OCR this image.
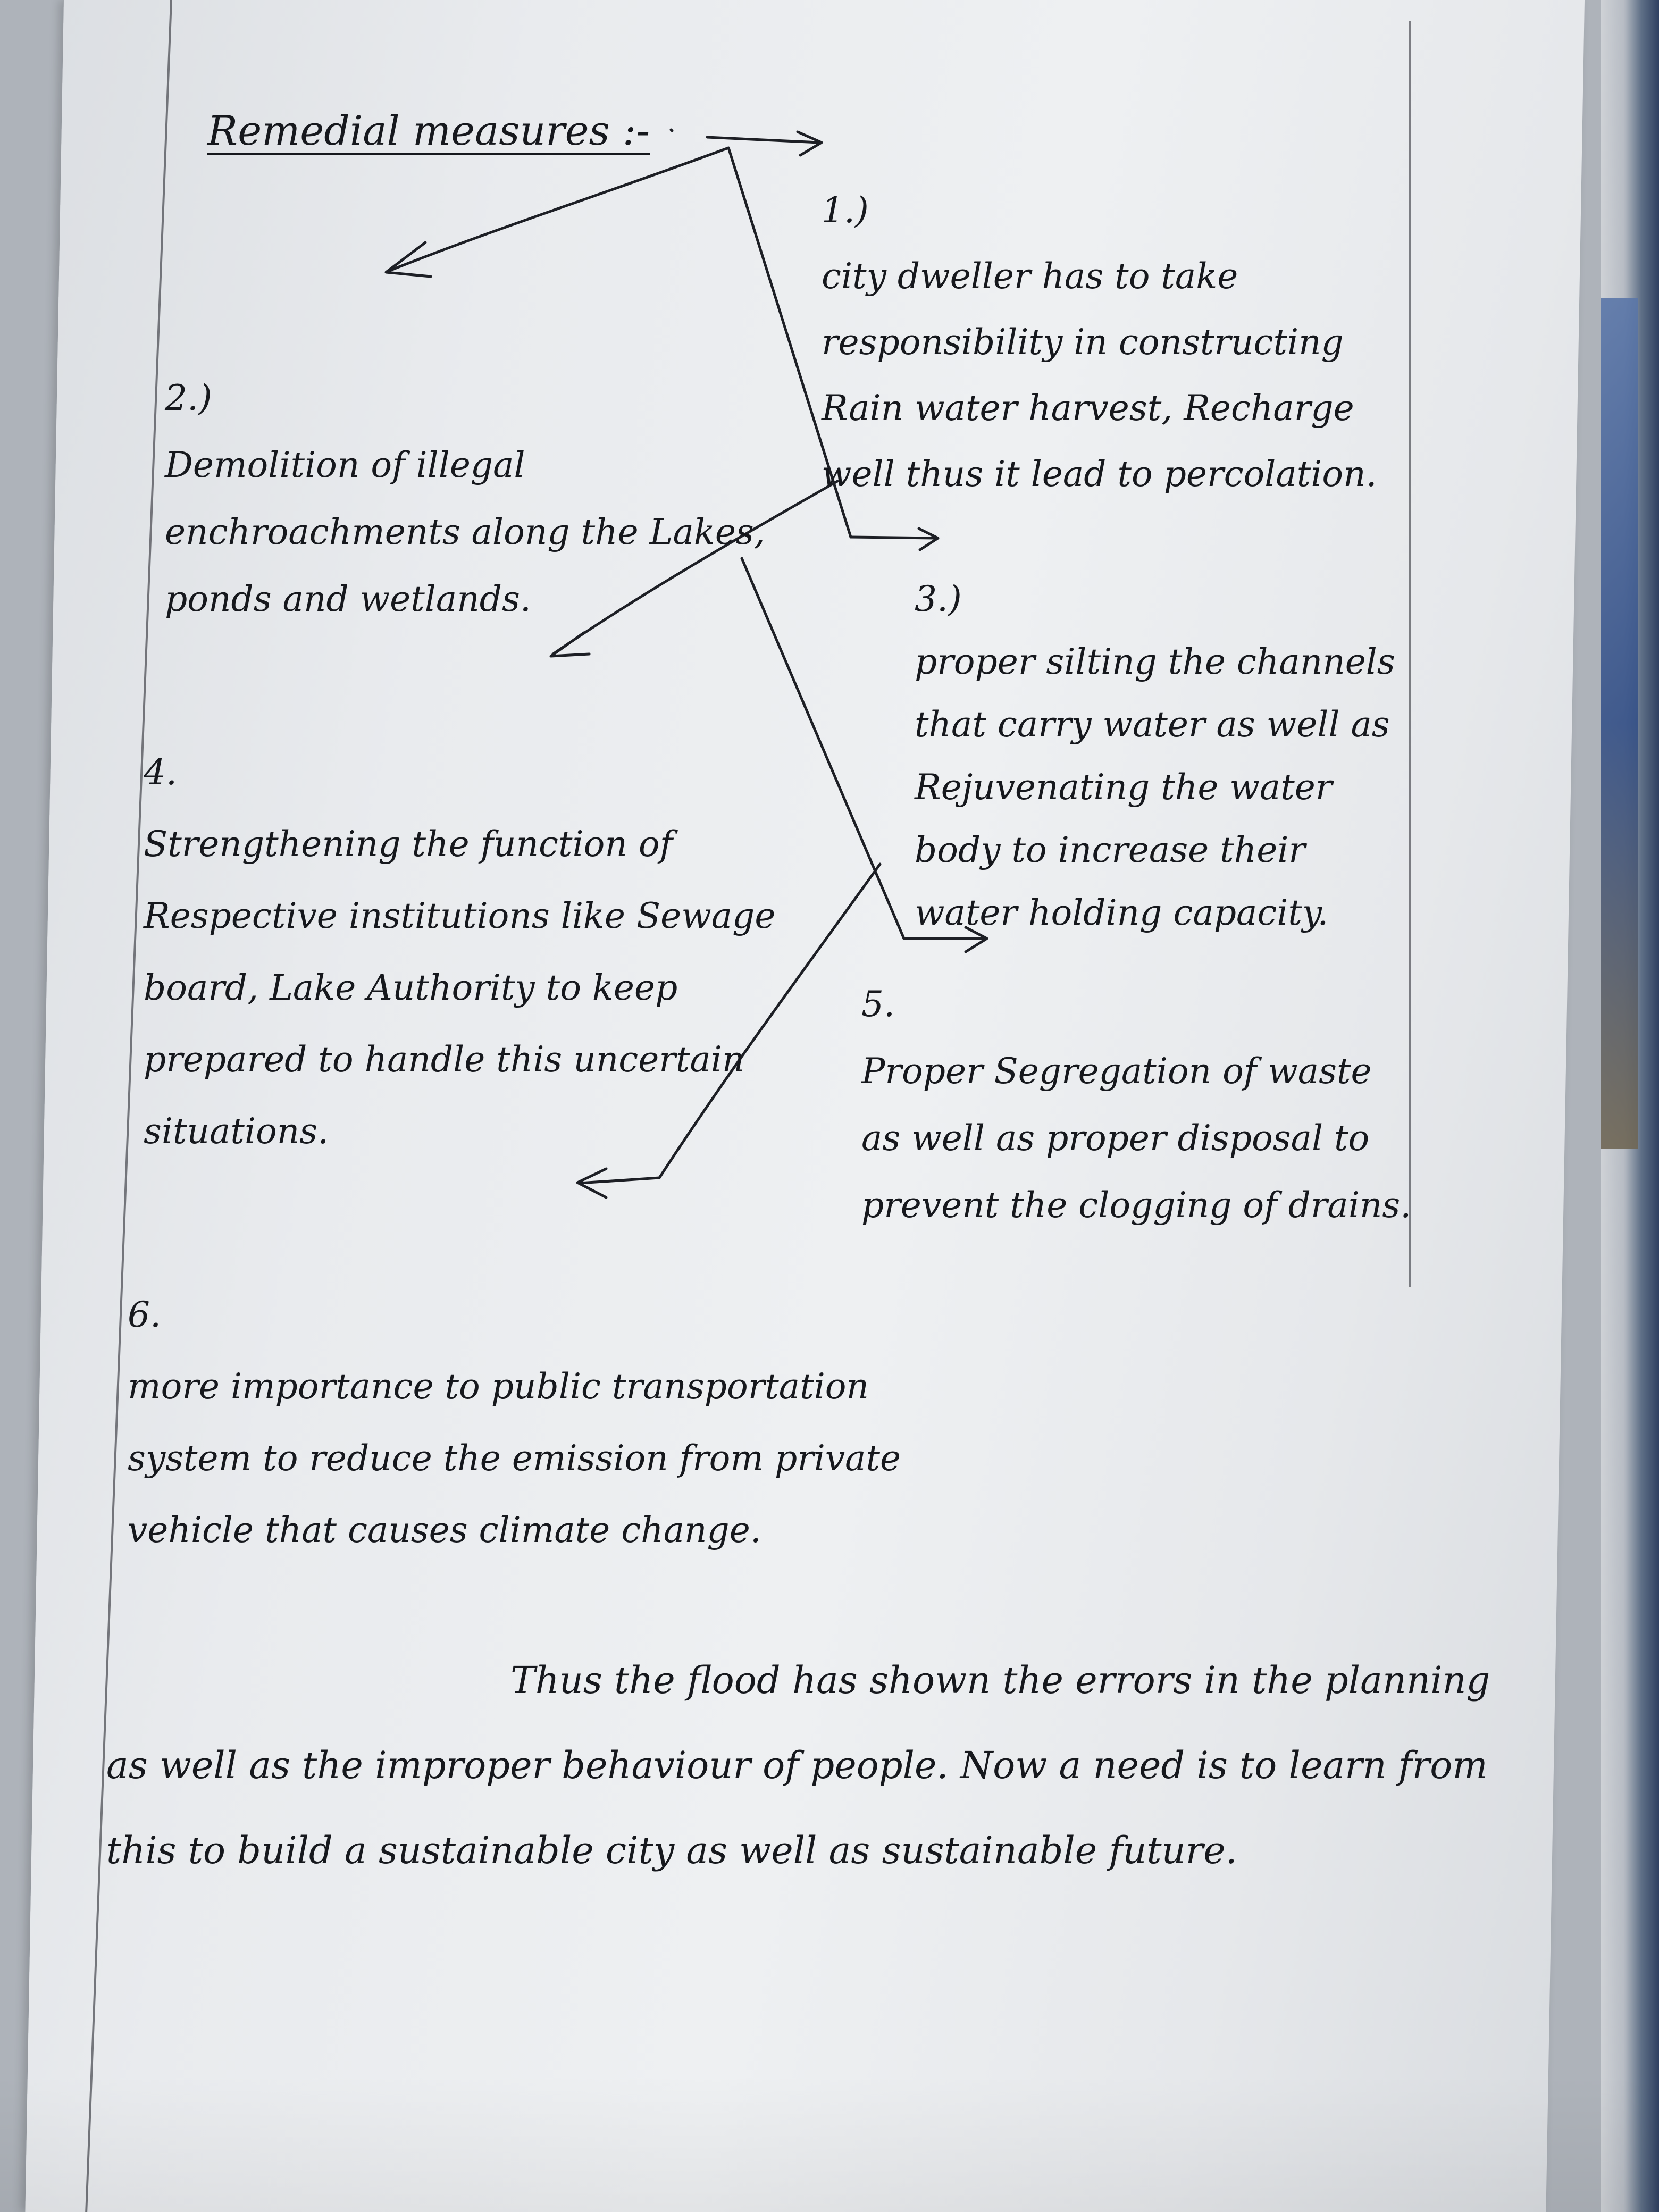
Remedial measures :-

1.)
city dweller has to take responsibility in constructing Rain water harvest, Recharge well thus it lead to percolation.

2.)
Demolition of illegal enchroachments along the Lakes, ponds and wetlands.	3.)
proper silting the channels that carry water as well as Rejuvenating the water body to increase their water holding capacity.

4.
Strengthening the function of Respective institutions like Sewage board, Lake Authority to keep prepared to handle this uncertain situations.

5.
Proper Segregation of waste as well as proper disposal to prevent the clogging of drains.

6.
more importance to public transportation system to reduce the emission from private vehicle that causes climate change.

Thus the flood has shown the errors in the planning as well as the improper behaviour of people. Now a need is to learn from this to build a sustainable city as well as sustainable future.
